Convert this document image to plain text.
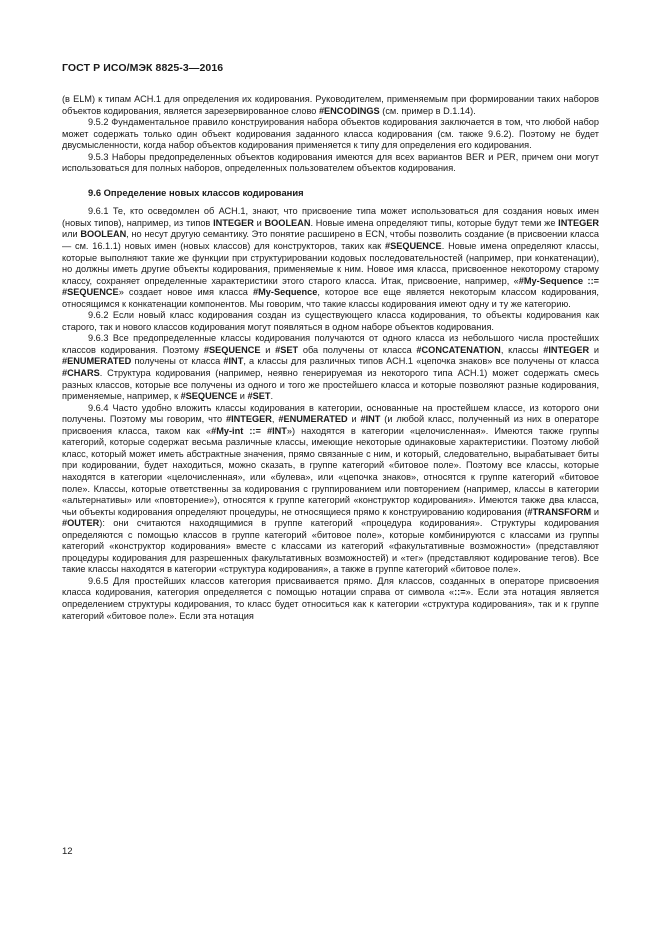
ГОСТ Р ИСО/МЭК 8825-3—2016

(в ELM) к типам АСН.1 для определения их кодирования. Руководителем, применяемым при формировании таких наборов объектов кодирования, является зарезервированное слово #ENCODINGS (см. пример в D.1.14).

9.5.2 Фундаментальное правило конструирования набора объектов кодирования заключается в том, что любой набор может содержать только один объект кодирования заданного класса кодирования (см. также 9.6.2). Поэтому не будет двусмысленности, когда набор объектов кодирования применяется к типу для определения его кодирования.

9.5.3 Наборы предопределенных объектов кодирования имеются для всех вариантов BER и PER, причем они могут использоваться для полных наборов, определенных пользователем объектов кодирования.

9.6 Определение новых классов кодирования

9.6.1 Те, кто осведомлен об АСН.1, знают, что присвоение типа может использоваться для создания новых имен (новых типов), например, из типов INTEGER и BOOLEAN. Новые имена определяют типы, которые будут теми же INTEGER или BOOLEAN, но несут другую семантику. Это понятие расширено в ECN, чтобы позволить создание (в присвоении класса — см. 16.1.1) новых имен (новых классов) для конструкторов, таких как #SEQUENCE. Новые имена определяют классы, которые выполняют такие же функции при структурировании кодовых последовательностей (например, при конкатенации), но должны иметь другие объекты кодирования, применяемые к ним. Новое имя класса, присвоенное некоторому старому классу, сохраняет определенные характеристики этого старого класса. Итак, присвоение, например, «#My-Sequence ::= #SEQUENCE» создает новое имя класса #My-Sequence, которое все еще является некоторым классом кодирования, относящимся к конкатенации компонентов. Мы говорим, что такие классы кодирования имеют одну и ту же категорию.

9.6.2 Если новый класс кодирования создан из существующего класса кодирования, то объекты кодирования как старого, так и нового классов кодирования могут появляться в одном наборе объектов кодирования.

9.6.3 Все предопределенные классы кодирования получаются от одного класса из небольшого числа простейших классов кодирования. Поэтому #SEQUENCE и #SET оба получены от класса #CONCATENATION, классы #INTEGER и #ENUMERATED получены от класса #INT, а классы для различных типов АСН.1 «цепочка знаков» все получены от класса #CHARS. Структура кодирования (например, неявно генерируемая из некоторого типа АСН.1) может содержать смесь разных классов, которые все получены из одного и того же простейшего класса и которые позволяют разные кодирования, применяемые, например, к #SEQUENCE и #SET.

9.6.4 Часто удобно вложить классы кодирования в категории, основанные на простейшем классе, из которого они получены. Поэтому мы говорим, что #INTEGER, #ENUMERATED и #INT (и любой класс, полученный из них в операторе присвоения класса, таком как «#My-int ::= #INT») находятся в категории «целочисленная». Имеются также группы категорий, которые содержат весьма различные классы, имеющие некоторые одинаковые характеристики. Поэтому любой класс, который может иметь абстрактные значения, прямо связанные с ним, и который, следовательно, вырабатывает биты при кодировании, будет находиться, можно сказать, в группе категорий «битовое поле». Поэтому все классы, которые находятся в категории «целочисленная», или «булева», или «цепочка знаков», относятся к группе категорий «битовое поле». Классы, которые ответственны за кодирования с группированием или повторением (например, классы в категории «альтернативы» или «повторение»), относятся к группе категорий «конструктор кодирования». Имеются также два класса, чьи объекты кодирования определяют процедуры, не относящиеся прямо к конструированию кодирования (#TRANSFORM и #OUTER): они считаются находящимися в группе категорий «процедура кодирования». Структуры кодирования определяются с помощью классов в группе категорий «битовое поле», которые комбинируются с классами из группы категорий «конструктор кодирования» вместе с классами из категорий «факультативные возможности» (представляют процедуры кодирования для разрешенных факультативных возможностей) и «тег» (представляют кодирование тегов). Все такие классы находятся в категории «структура кодирования», а также в группе категорий «битовое поле».

9.6.5 Для простейших классов категория присваивается прямо. Для классов, созданных в операторе присвоения класса кодирования, категория определяется с помощью нотации справа от символа «::=». Если эта нотация является определением структуры кодирования, то класс будет относиться как к категории «структура кодирования», так и к группе категорий «битовое поле». Если эта нотация

12
